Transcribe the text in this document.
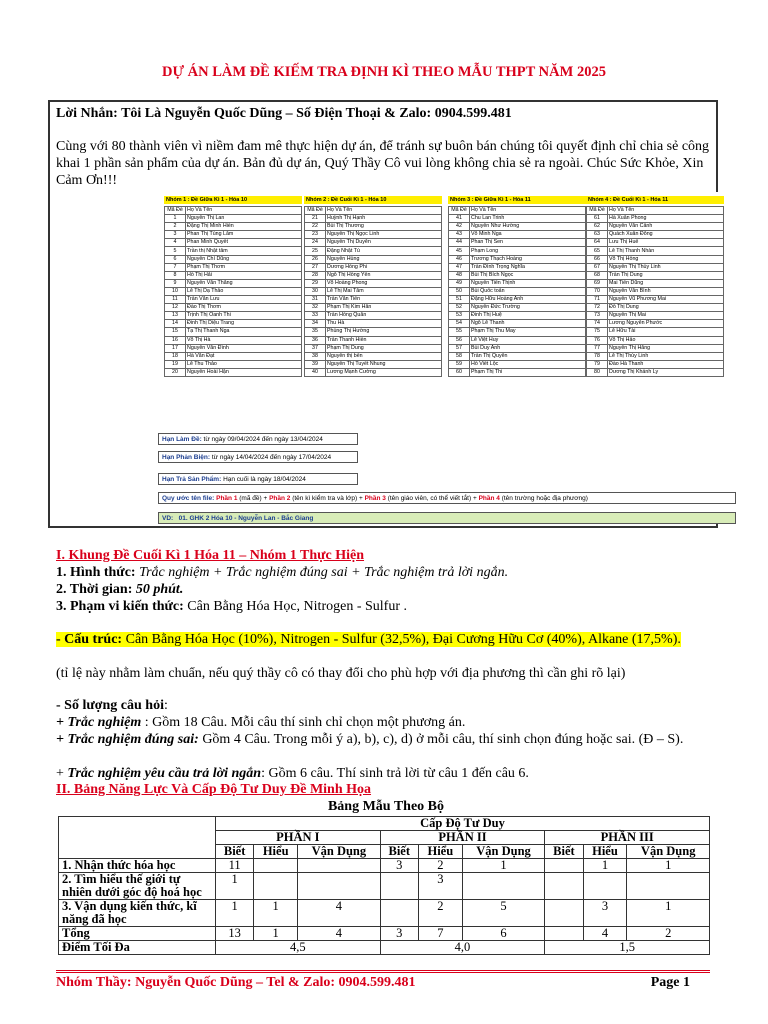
DỰ ÁN LÀM ĐỀ KIẾM TRA ĐỊNH KÌ THEO MẪU THPT NĂM 2025
Lời Nhắn: Tôi Là Nguyễn Quốc Dũng – Số Điện Thoại & Zalo: 0904.599.481
Cùng với 80 thành viên vì niềm đam mê thực hiện dự án, để tránh sự buôn bán chúng tôi quyết định chỉ chia sẻ công khai 1 phần sản phẩm của dự án. Bản đủ dự án, Quý Thầy Cô vui lòng không chia sẻ ra ngoài. Chúc Sức Khỏe, Xin Cảm Ơn!!!
Nhóm 1 : Đề Giữa Kì 1 - Hóa 10
Mã Đề	Họ Và Tên
1	Nguyễn Thị Lan
2	Đặng Thị Minh Hiền
3	Phan Thị Tùng Lâm
4	Phan Minh Quyết
5	Trần thị Nhật tâm
6	Nguyễn Chí Dũng
7	Phạm Thị Thơm
8	Hồ Thị Hải
9	Nguyễn Văn Thắng
10	Lê Thị Dạ Thảo
11	Trần Văn Lưu
12	Đào Thị Thơm
13	Trịnh Thị Oanh Thi
14	Đinh Thị Diệu Trang
15	Tạ Thị Thanh Nga
16	Võ Thị Hà
17	Nguyễn Văn Đình
18	Hà Văn Đạt
19	Lê Thu Thảo
20	Nguyễn Hoài Hận
Nhóm 2 : Đề Cuối Kì 1 - Hóa 10
Mã Đề	Họ Và Tên
21	Huỳnh Thị Hạnh
22	Bùi Thị Thương
23	Nguyễn Thị Ngọc Linh
24	Nguyễn Thị Duyên
25	Đặng Nhật Tú
26	Nguyễn Hùng
27	Dương Hồng Phi
28	Ngô Thị Hồng Yến
29	Võ Hoàng Phong
30	Lê Thị Mai Tâm
31	Trần Văn Tiến
32	Phạm Thị Kim Hân
33	Trần Hồng Quân
34	Thu Hà
35	Phùng Thị Hường
36	Trần Thanh Hiền
37	Phạm Thị Dung
38	Nguyễn thị bến
39	Nguyễn Thị Tuyết Nhung
40	Lương Mạnh Cường
Nhóm 3 : Đề Giữa Kì 1 - Hóa 11
Mã Đề	Họ Và Tên
41	Chu Lan Trinh
42	Nguyễn Như Hường
43	Võ Minh Nga
44	Phan Thị Sen
45	Phạm Long
46	Trương Thạch Hoàng
47	Trần Đình Trọng Nghĩa
48	Bùi Thị Bích Ngọc
49	Nguyễn Tiến Thịnh
50	Bùi Quốc toản
51	Đặng Hữu Hoàng Anh
52	Nguyễn Đức Trường
53	Đinh Thị Huệ
54	Ngô Lê Thanh
55	Phạm Thị Thu May
56	Lê Việt Huy
57	Bùi Duy Anh
58	Trần Thị Quyên
59	Hồ Viết Lộc
60	Phạm Thị Thi
Nhóm 4 : Đề Cuối Kì 1 - Hóa 11
Mã Đề	Họ Và Tên
61	Hà Xuân Phong
62	Nguyễn Văn Cảnh
63	Quách Xuân Đông
64	Lưu Thị Huế
65	Lê Thị Thanh Nhàn
66	Võ Thị Hồng
67	Nguyễn Thị Thùy Linh
68	Trần Thị Dung
69	Mai Tiến Dũng
70	Nguyễn Văn Bình
71	Nguyễn Vũ Phương Mai
72	Đỗ Thị Dung
73	Nguyễn Thị Mai
74	Lương Nguyên Phước
75	Lê Hữu Tài
76	Võ Thị Hảo
77	Nguyễn Thị Hằng
78	Lê Thị Thùy Linh
79	Đào Hà Thanh
80	Dương Thị Khánh Ly
Hạn Làm Đề: từ ngày 09/04/2024 đến ngày 13/04/2024
Hạn Phản Biện: từ ngày 14/04/2024 đến ngày 17/04/2024
Hạn Trả Sản Phẩm: Hạn cuối là ngày 18/04/2024
Quy ước tên file: Phần 1 (mã đề) + Phần 2 (tên kì kiểm tra và lớp) + Phần 3 (tên giáo viên, có thể viết tắt) + Phần 4 (tên trường hoặc địa phương)
VD: 01. GHK 2 Hóa 10 - Nguyễn Lan - Bắc Giang
I. Khung Đề Cuối Kì 1 Hóa 11 – Nhóm 1 Thực Hiện
1. Hình thức: Trắc nghiệm + Trắc nghiệm đúng sai + Trắc nghiệm trả lời ngắn.
2. Thời gian: 50 phút.
3. Phạm vi kiến thức: Cân Bằng Hóa Học, Nitrogen - Sulfur .
- Cấu trúc: Cân Bằng Hóa Học (10%), Nitrogen - Sulfur (32,5%), Đại Cương Hữu Cơ (40%), Alkane (17,5%).
(tỉ lệ này nhằm làm chuẩn, nếu quý thầy cô có thay đổi cho phù hợp với địa phương thì cần ghi rõ lại)
- Số lượng câu hỏi:
+ Trắc nghiệm : Gồm 18 Câu. Mỗi câu thí sinh chỉ chọn một phương án.
+ Trắc nghiệm đúng sai: Gồm 4 Câu. Trong mỗi ý a), b), c), d) ở mỗi câu, thí sinh chọn đúng hoặc sai. (Đ – S).
+ Trắc nghiệm yêu cầu trả lời ngắn: Gồm 6 câu. Thí sinh trả lời từ câu 1 đến câu 6.
II. Bảng Năng Lực Và Cấp Độ Tư Duy Đề Minh Họa
Bảng Mẫu Theo Bộ
	Cấp Độ Tư Duy								
	PHẦN I			PHẦN II			PHẦN III		
	Biết	Hiểu	Vận Dụng	Biết	Hiểu	Vận Dụng	Biết	Hiểu	Vận Dụng
1. Nhận thức hóa học	11			3	2	1		1	1
2. Tìm hiểu thế giới tự nhiên dưới góc độ hoá học	1				3				
3. Vận dụng kiến thức, kĩ năng đã học	1	1	4		2	5		3	1
Tổng	13	1	4	3	7	6		4	2
Điểm Tối Đa	4,5			4,0			1,5		
Nhóm Thầy: Nguyễn Quốc Dũng – Tel & Zalo: 0904.599.481	Page 1
